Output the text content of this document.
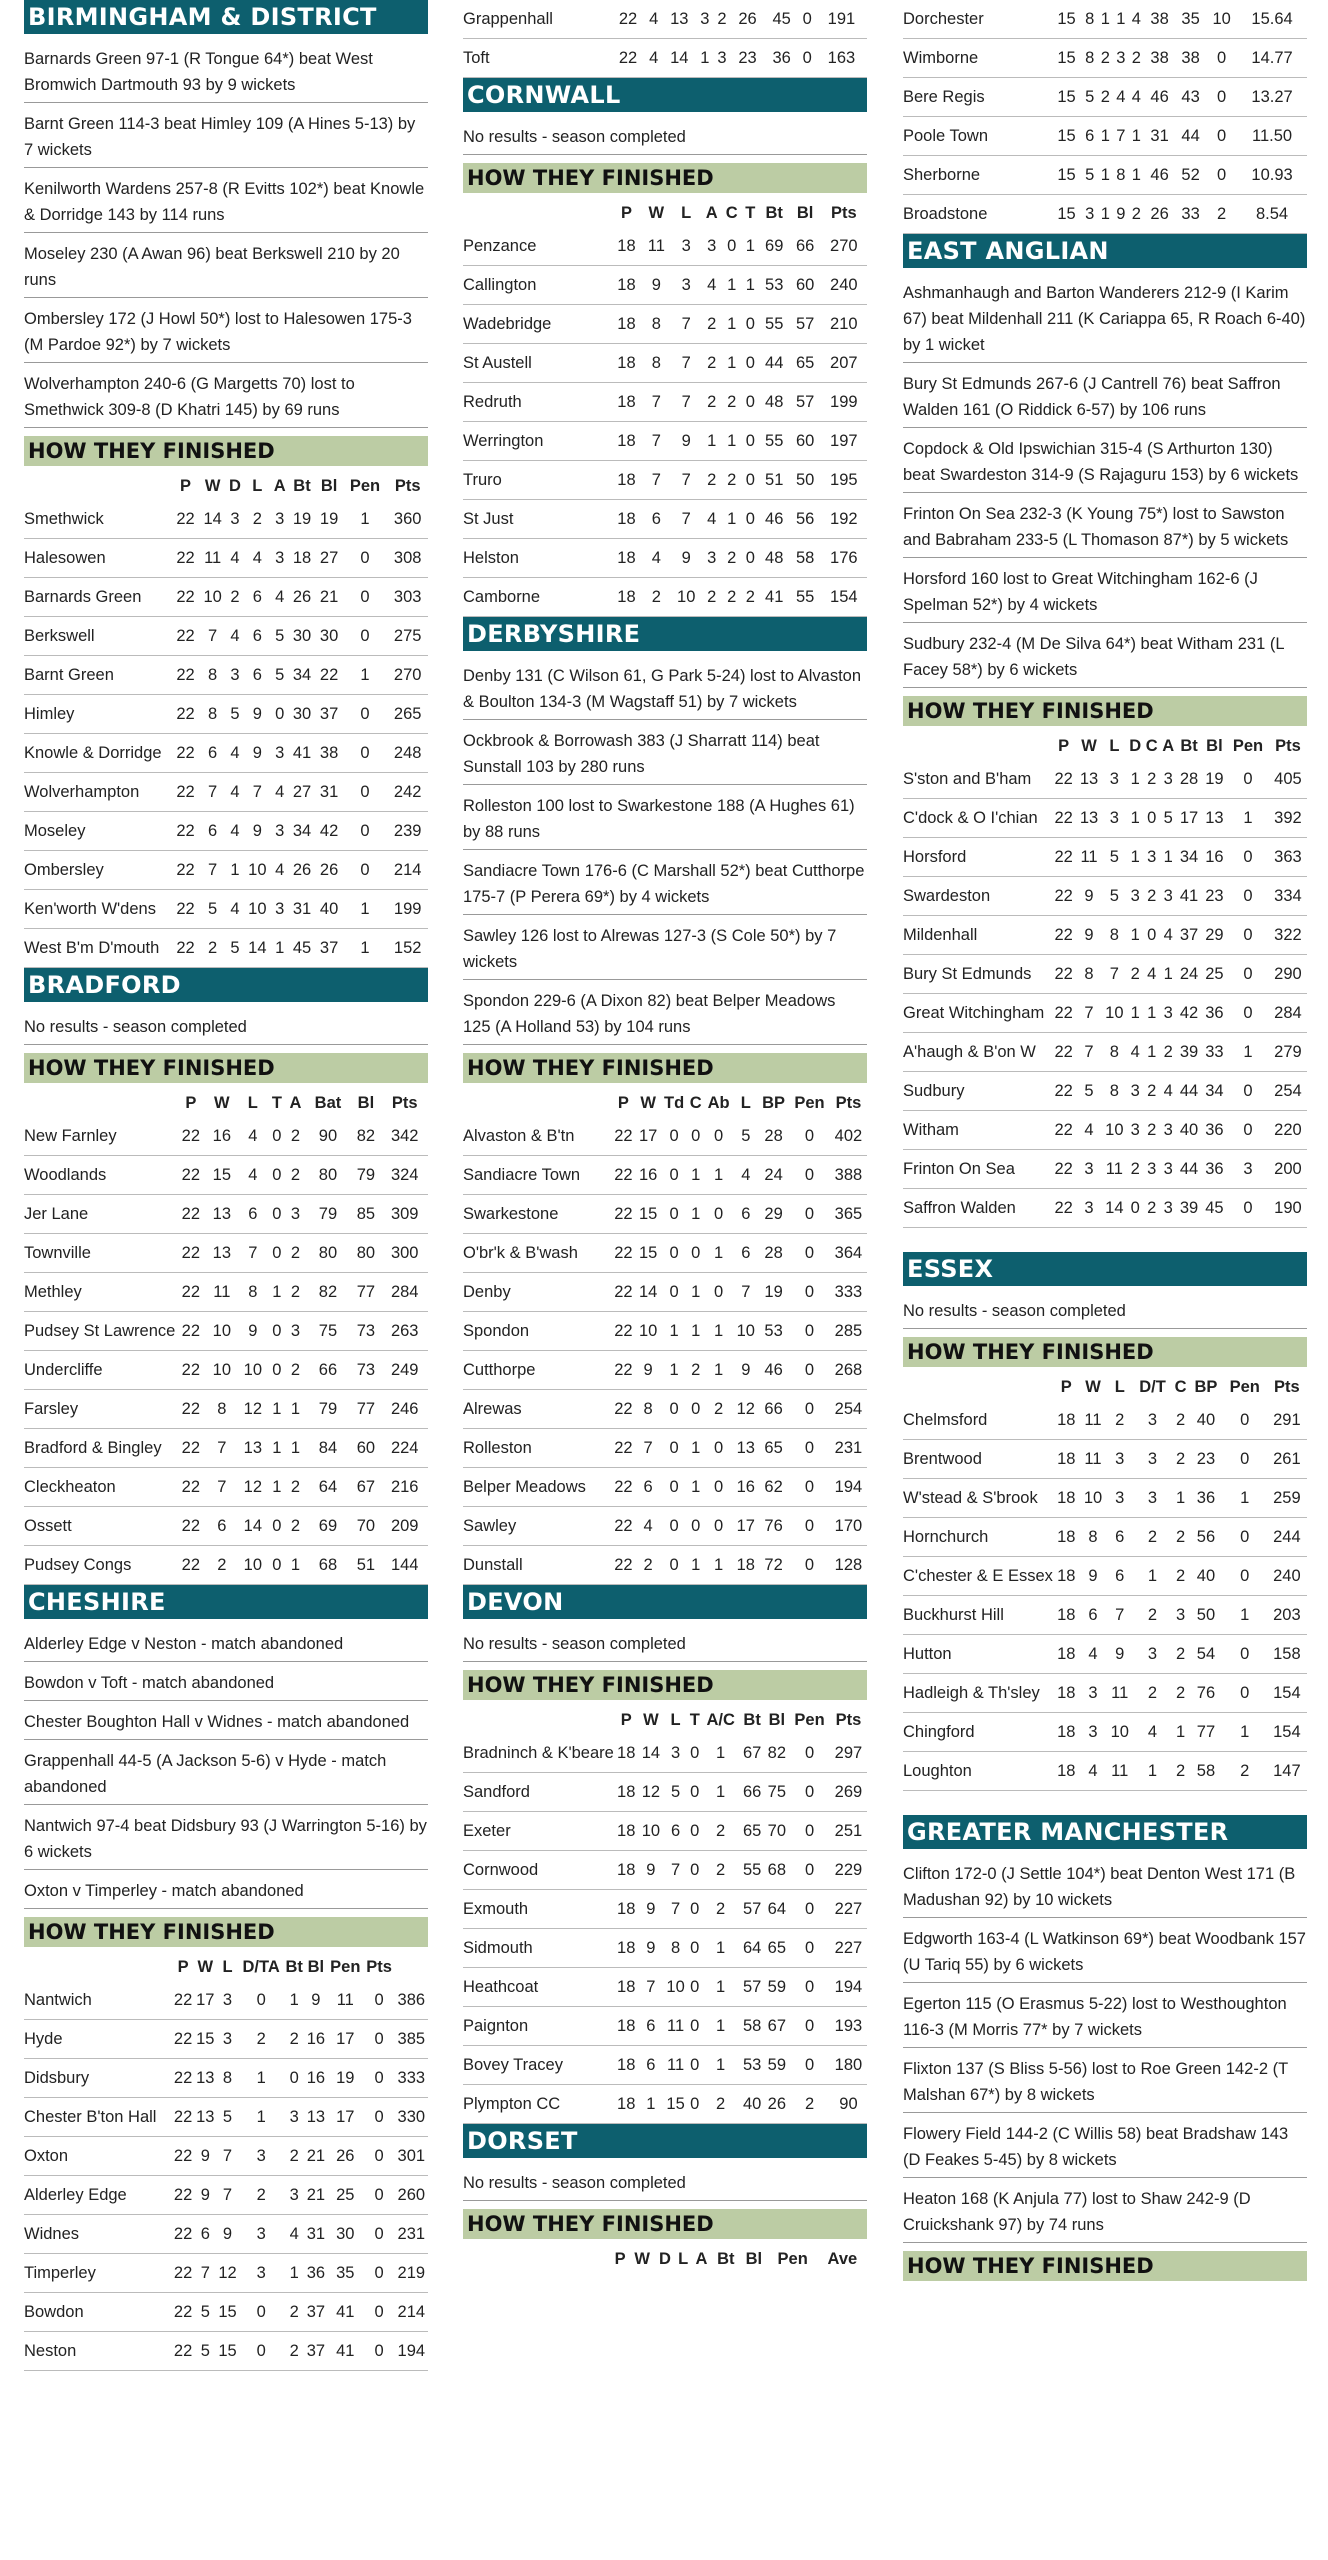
BIRMINGHAM & DISTRICT
Barnards Green 97-1 (R Tongue 64*) beat West Bromwich Dartmouth 93 by 9 wickets
Barnt Green 114-3 beat Himley 109 (A Hines 5-13) by 7 wickets
Kenilworth Wardens 257-8 (R Evitts 102*) beat Knowle & Dorridge 143 by 114 runs
Moseley 230 (A Awan 96) beat Berkswell 210 by 20 runs
Ombersley 172 (J Howl 50*) lost to Halesowen 175-3 (M Pardoe 92*) by 7 wickets
Wolverhampton 240-6 (G Margetts 70) lost to Smethwick 309-8 (D Khatri 145) by 69 runs
HOW THEY FINISHED
	P	W	D	L	A	Bt	Bl	Pen	Pts
Smethwick	22	14	3	2	3	19	19	1	360
Halesowen	22	11	4	4	3	18	27	0	308
Barnards Green	22	10	2	6	4	26	21	0	303
Berkswell	22	7	4	6	5	30	30	0	275
Barnt Green	22	8	3	6	5	34	22	1	270
Himley	22	8	5	9	0	30	37	0	265
Knowle & Dorridge	22	6	4	9	3	41	38	0	248
Wolverhampton	22	7	4	7	4	27	31	0	242
Moseley	22	6	4	9	3	34	42	0	239
Ombersley	22	7	1	10	4	26	26	0	214
Ken'worth W'dens	22	5	4	10	3	31	40	1	199
West B'm D'mouth	22	2	5	14	1	45	37	1	152
BRADFORD
No results - season completed
HOW THEY FINISHED
	P	W	L	T	A	Bat	Bl	Pts
New Farnley	22	16	4	0	2	90	82	342
Woodlands	22	15	4	0	2	80	79	324
Jer Lane	22	13	6	0	3	79	85	309
Townville	22	13	7	0	2	80	80	300
Methley	22	11	8	1	2	82	77	284
Pudsey St Lawrence	22	10	9	0	3	75	73	263
Undercliffe	22	10	10	0	2	66	73	249
Farsley	22	8	12	1	1	79	77	246
Bradford & Bingley	22	7	13	1	1	84	60	224
Cleckheaton	22	7	12	1	2	64	67	216
Ossett	22	6	14	0	2	69	70	209
Pudsey Congs	22	2	10	0	1	68	51	144
CHESHIRE
Alderley Edge v Neston - match abandoned
Bowdon v Toft - match abandoned
Chester Boughton Hall v Widnes - match abandoned
Grappenhall 44-5 (A Jackson 5-6) v Hyde - match abandoned
Nantwich 97-4 beat Didsbury 93 (J Warrington 5-16) by 6 wickets
Oxton v Timperley - match abandoned
HOW THEY FINISHED
	P	W	L	D/TA	Bt	Bl	Pen	Pts	
Nantwich	22	17	3	0	1	9	11	0	386
Hyde	22	15	3	2	2	16	17	0	385
Didsbury	22	13	8	1	0	16	19	0	333
Chester B'ton Hall	22	13	5	1	3	13	17	0	330
Oxton	22	9	7	3	2	21	26	0	301
Alderley Edge	22	9	7	2	3	21	25	0	260
Widnes	22	6	9	3	4	31	30	0	231
Timperley	22	7	12	3	1	36	35	0	219
Bowdon	22	5	15	0	2	37	41	0	214
Neston	22	5	15	0	2	37	41	0	194
Grappenhall	22	4	13	3	2	26	45	0	191
Toft	22	4	14	1	3	23	36	0	163
CORNWALL
No results - season completed
HOW THEY FINISHED
	P	W	L	A	C	T	Bt	Bl	Pts
Penzance	18	11	3	3	0	1	69	66	270
Callington	18	9	3	4	1	1	53	60	240
Wadebridge	18	8	7	2	1	0	55	57	210
St Austell	18	8	7	2	1	0	44	65	207
Redruth	18	7	7	2	2	0	48	57	199
Werrington	18	7	9	1	1	0	55	60	197
Truro	18	7	7	2	2	0	51	50	195
St Just	18	6	7	4	1	0	46	56	192
Helston	18	4	9	3	2	0	48	58	176
Camborne	18	2	10	2	2	2	41	55	154
DERBYSHIRE
Denby 131 (C Wilson 61, G Park 5-24) lost to Alvaston & Boulton 134-3 (M Wagstaff 51) by 7 wickets
Ockbrook & Borrowash 383 (J Sharratt 114) beat Sunstall 103 by 280 runs
Rolleston 100 lost to Swarkestone 188 (A Hughes 61) by 88 runs
Sandiacre Town 176-6 (C Marshall 52*) beat Cutthorpe 175-7 (P Perera 69*) by 4 wickets
Sawley 126 lost to Alrewas 127-3 (S Cole 50*) by 7 wickets
Spondon 229-6 (A Dixon 82) beat Belper Meadows 125 (A Holland 53) by 104 runs
HOW THEY FINISHED
	P	W	Td	C	Ab	L	BP	Pen	Pts
Alvaston & B'tn	22	17	0	0	0	5	28	0	402
Sandiacre Town	22	16	0	1	1	4	24	0	388
Swarkestone	22	15	0	1	0	6	29	0	365
O'br'k & B'wash	22	15	0	0	1	6	28	0	364
Denby	22	14	0	1	0	7	19	0	333
Spondon	22	10	1	1	1	10	53	0	285
Cutthorpe	22	9	1	2	1	9	46	0	268
Alrewas	22	8	0	0	2	12	66	0	254
Rolleston	22	7	0	1	0	13	65	0	231
Belper Meadows	22	6	0	1	0	16	62	0	194
Sawley	22	4	0	0	0	17	76	0	170
Dunstall	22	2	0	1	1	18	72	0	128
DEVON
No results - season completed
HOW THEY FINISHED
	P	W	L	T	A/C	Bt	Bl	Pen	Pts
Bradninch & K'beare	18	14	3	0	1	67	82	0	297
Sandford	18	12	5	0	1	66	75	0	269
Exeter	18	10	6	0	2	65	70	0	251
Cornwood	18	9	7	0	2	55	68	0	229
Exmouth	18	9	7	0	2	57	64	0	227
Sidmouth	18	9	8	0	1	64	65	0	227
Heathcoat	18	7	10	0	1	57	59	0	194
Paignton	18	6	11	0	1	58	67	0	193
Bovey Tracey	18	6	11	0	1	53	59	0	180
Plympton CC	18	1	15	0	2	40	26	2	90
DORSET
No results - season completed
HOW THEY FINISHED
	P	W	D	L	A	Bt	Bl	Pen	Ave
Dorchester	15	8	1	1	4	38	35	10	15.64
Wimborne	15	8	2	3	2	38	38	0	14.77
Bere Regis	15	5	2	4	4	46	43	0	13.27
Poole Town	15	6	1	7	1	31	44	0	11.50
Sherborne	15	5	1	8	1	46	52	0	10.93
Broadstone	15	3	1	9	2	26	33	2	8.54
EAST ANGLIAN
Ashmanhaugh and Barton Wanderers 212-9 (I Karim 67) beat Mildenhall 211 (K Cariappa 65, R Roach 6-40) by 1 wicket
Bury St Edmunds 267-6 (J Cantrell 76) beat Saffron Walden 161 (O Riddick 6-57) by 106 runs
Copdock & Old Ipswichian 315-4 (S Arthurton 130) beat Swardeston 314-9 (S Rajaguru 153) by 6 wickets
Frinton On Sea 232-3 (K Young 75*) lost to Sawston and Babraham 233-5 (L Thomason 87*) by 5 wickets
Horsford 160 lost to Great Witchingham 162-6 (J Spelman 52*) by 4 wickets
Sudbury 232-4 (M De Silva 64*) beat Witham 231 (L Facey 58*) by 6 wickets
HOW THEY FINISHED
	P	W	L	D	C	A	Bt	Bl	Pen	Pts
S'ston and B'ham	22	13	3	1	2	3	28	19	0	405
C'dock & O I'chian	22	13	3	1	0	5	17	13	1	392
Horsford	22	11	5	1	3	1	34	16	0	363
Swardeston	22	9	5	3	2	3	41	23	0	334
Mildenhall	22	9	8	1	0	4	37	29	0	322
Bury St Edmunds	22	8	7	2	4	1	24	25	0	290
Great Witchingham	22	7	10	1	1	3	42	36	0	284
A'haugh & B'on W	22	7	8	4	1	2	39	33	1	279
Sudbury	22	5	8	3	2	4	44	34	0	254
Witham	22	4	10	3	2	3	40	36	0	220
Frinton On Sea	22	3	11	2	3	3	44	36	3	200
Saffron Walden	22	3	14	0	2	3	39	45	0	190
ESSEX
No results - season completed
HOW THEY FINISHED
	P	W	L	D/T	C	BP	Pen	Pts
Chelmsford	18	11	2	3	2	40	0	291
Brentwood	18	11	3	3	2	23	0	261
W'stead & S'brook	18	10	3	3	1	36	1	259
Hornchurch	18	8	6	2	2	56	0	244
C'chester & E Essex	18	9	6	1	2	40	0	240
Buckhurst Hill	18	6	7	2	3	50	1	203
Hutton	18	4	9	3	2	54	0	158
Hadleigh & Th'sley	18	3	11	2	2	76	0	154
Chingford	18	3	10	4	1	77	1	154
Loughton	18	4	11	1	2	58	2	147
GREATER MANCHESTER
Clifton 172-0 (J Settle 104*) beat Denton West 171 (B Madushan 92) by 10 wickets
Edgworth 163-4 (L Watkinson 69*) beat Woodbank 157 (U Tariq 55) by 6 wickets
Egerton 115 (O Erasmus 5-22) lost to Westhoughton 116-3 (M Morris 77* by 7 wickets
Flixton 137 (S Bliss 5-56) lost to Roe Green 142-2 (T Malshan 67*) by 8 wickets
Flowery Field 144-2 (C Willis 58) beat Bradshaw 143 (D Feakes 5-45) by 8 wickets
Heaton 168 (K Anjula 77) lost to Shaw 242-9 (D Cruickshank 97) by 74 runs
HOW THEY FINISHED
